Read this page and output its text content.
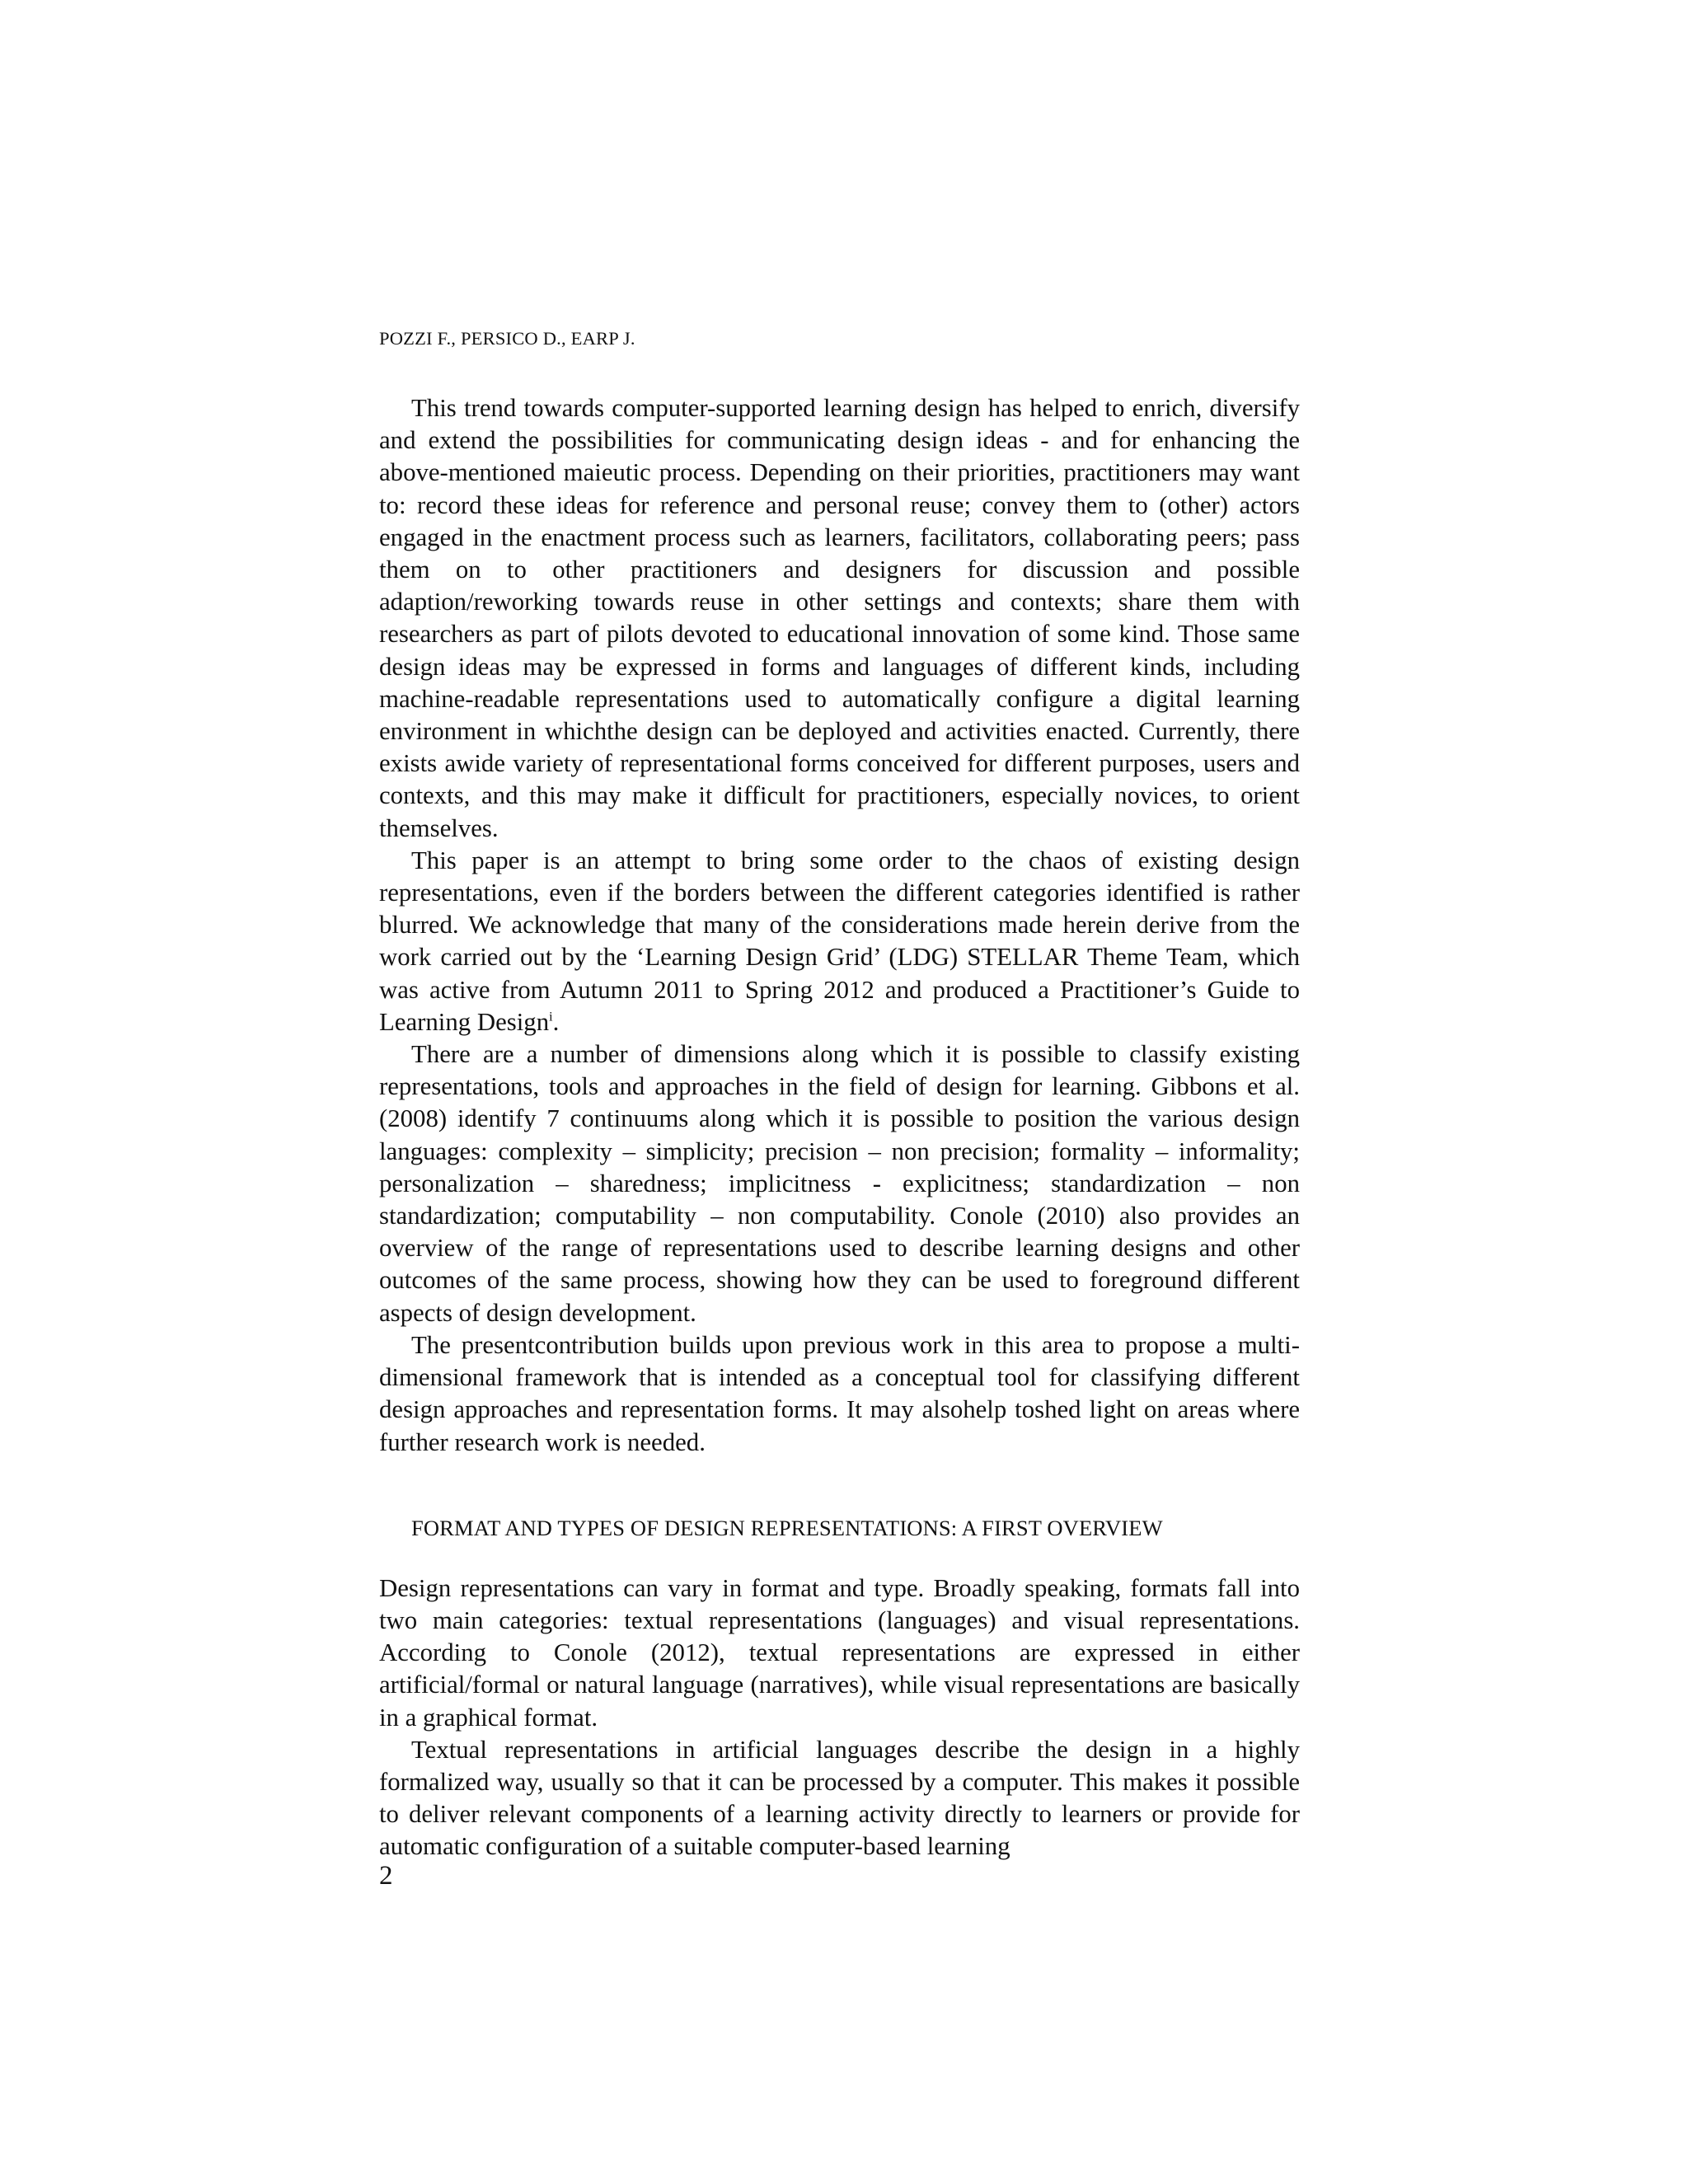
POZZI F., PERSICO D., EARP J.

This trend towards computer-supported learning design has helped to enrich, diversify and extend the possibilities for communicating design ideas - and for enhancing the above-mentioned maieutic process. Depending on their priorities, practitioners may want to: record these ideas for reference and personal reuse; convey them to (other) actors engaged in the enactment process such as learners, facilitators, collaborating peers; pass them on to other practitioners and designers for discussion and possible adaption/reworking towards reuse in other settings and contexts; share them with researchers as part of pilots devoted to educational innovation of some kind. Those same design ideas may be expressed in forms and languages of different kinds, including machine-readable representations used to automatically configure a digital learning environment in whichthe design can be deployed and activities enacted. Currently, there exists awide variety of representational forms conceived for different purposes, users and contexts, and this may make it difficult for practitioners, especially novices, to orient themselves.

This paper is an attempt to bring some order to the chaos of existing design representations, even if the borders between the different categories identified is rather blurred. We acknowledge that many of the considerations made herein derive from the work carried out by the ‘Learning Design Grid’ (LDG) STELLAR Theme Team, which was active from Autumn 2011 to Spring 2012 and produced a Practitioner’s Guide to Learning Design$^i$.

There are a number of dimensions along which it is possible to classify existing representations, tools and approaches in the field of design for learning. Gibbons et al. (2008) identify 7 continuums along which it is possible to position the various design languages: complexity – simplicity; precision – non precision; formality – informality; personalization – sharedness; implicitness - explicitness; standardization – non standardization; computability – non computability. Conole (2010) also provides an overview of the range of representations used to describe learning designs and other outcomes of the same process, showing how they can be used to foreground different aspects of design development.

The presentcontribution builds upon previous work in this area to propose a multi-dimensional framework that is intended as a conceptual tool for classifying different design approaches and representation forms. It may alsohelp toshed light on areas where further research work is needed.

FORMAT AND TYPES OF DESIGN REPRESENTATIONS: A FIRST OVERVIEW

Design representations can vary in format and type. Broadly speaking, formats fall into two main categories: textual representations (languages) and visual representations. According to Conole (2012), textual representations are expressed in either artificial/formal or natural language (narratives), while visual representations are basically in a graphical format.

Textual representations in artificial languages describe the design in a highly formalized way, usually so that it can be processed by a computer. This makes it possible to deliver relevant components of a learning activity directly to learners or provide for automatic configuration of a suitable computer-based learning

2
